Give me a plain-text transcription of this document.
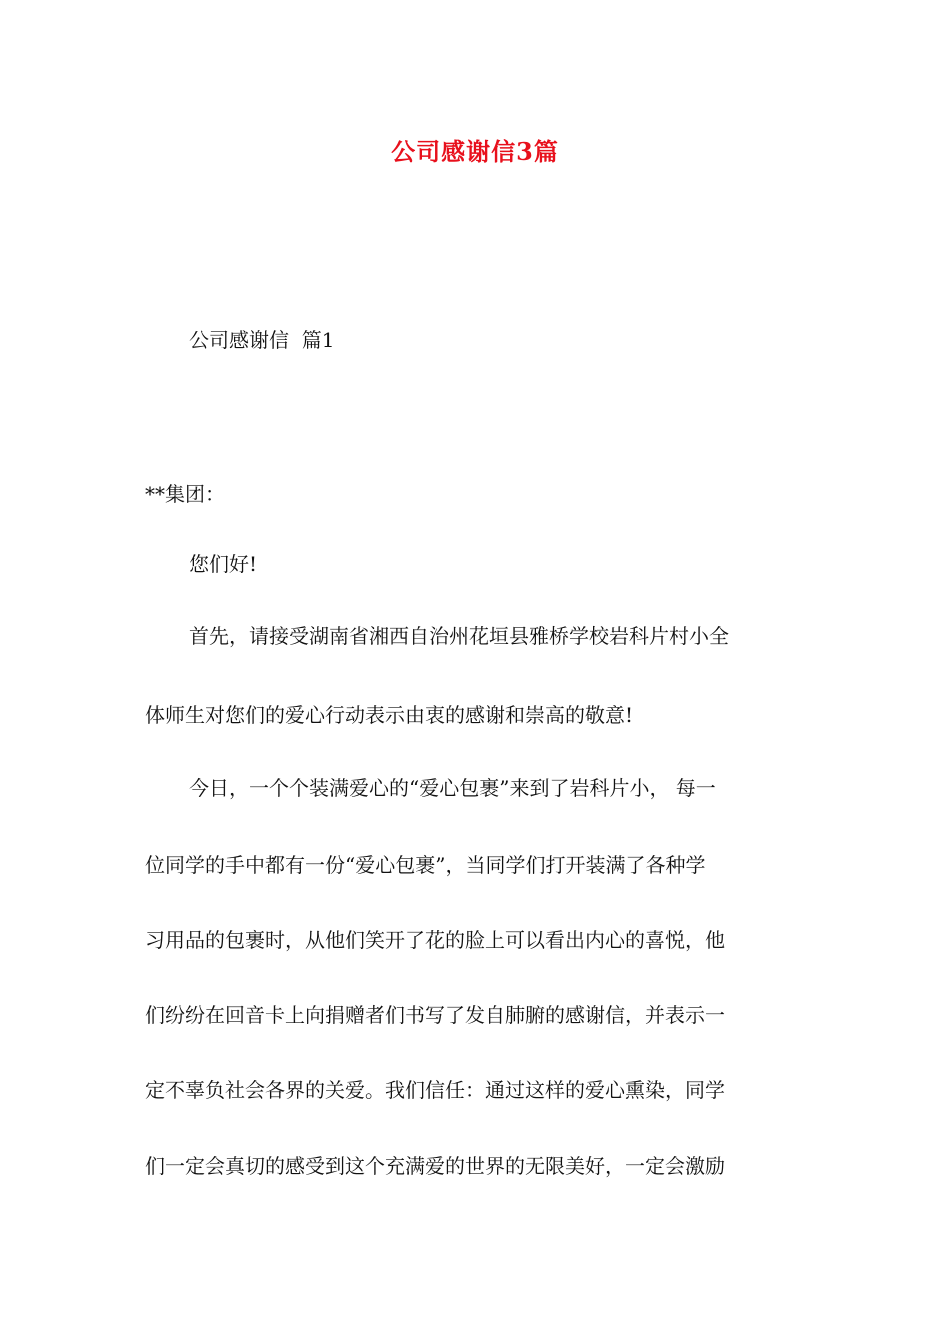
公司感谢信3篇
公司感谢信  篇1
**集团：
您们好!
首先，请接受湖南省湘西自治州花垣县雅桥学校岩科片村小全
体师生对您们的爱心行动表示由衷的感谢和崇高的敬意!
今日，一个个装满爱心的“爱心包裹”来到了岩科片小， 每一
位同学的手中都有一份“爱心包裹”，当同学们打开装满了各种学
习用品的包裹时，从他们笑开了花的脸上可以看出内心的喜悦，他
们纷纷在回音卡上向捐赠者们书写了发自肺腑的感谢信，并表示一
定不辜负社会各界的关爱。我们信任：通过这样的爱心熏染，同学
们一定会真切的感受到这个充满爱的世界的无限美好，一定会激励
